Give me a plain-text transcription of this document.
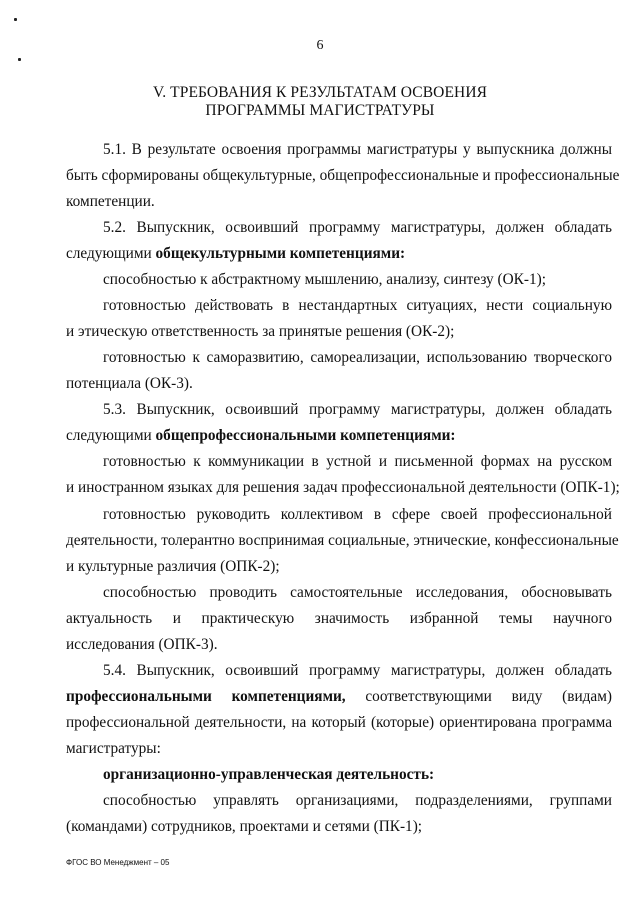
6
V. ТРЕБОВАНИЯ К РЕЗУЛЬТАТАМ ОСВОЕНИЯ
ПРОГРАММЫ МАГИСТРАТУРЫ
5.1. В результате освоения программы магистратуры у выпускника должны
быть сформированы общекультурные, общепрофессиональные и профессиональные
компетенции.
5.2. Выпускник, освоивший программу магистратуры, должен обладать
следующими общекультурными компетенциями:
способностью к абстрактному мышлению, анализу, синтезу (ОК-1);
готовностью действовать в нестандартных ситуациях, нести социальную
и этическую ответственность за принятые решения (ОК-2);
готовностью к саморазвитию, самореализации, использованию творческого
потенциала (ОК-3).
5.3. Выпускник, освоивший программу магистратуры, должен обладать
следующими общепрофессиональными компетенциями:
готовностью к коммуникации в устной и письменной формах на русском
и иностранном языках для решения задач профессиональной деятельности (ОПК-1);
готовностью руководить коллективом в сфере своей профессиональной
деятельности, толерантно воспринимая социальные, этнические, конфессиональные
и культурные различия (ОПК-2);
способностью проводить самостоятельные исследования, обосновывать
актуальность и практическую значимость избранной темы научного
исследования (ОПК-3).
5.4. Выпускник, освоивший программу магистратуры, должен обладать
профессиональными компетенциями, соответствующими виду (видам)
профессиональной деятельности, на который (которые) ориентирована программа
магистратуры:
организационно-управленческая деятельность:
способностью управлять организациями, подразделениями, группами
(командами) сотрудников, проектами и сетями (ПК-1);
ФГОС ВО Менеджмент – 05
